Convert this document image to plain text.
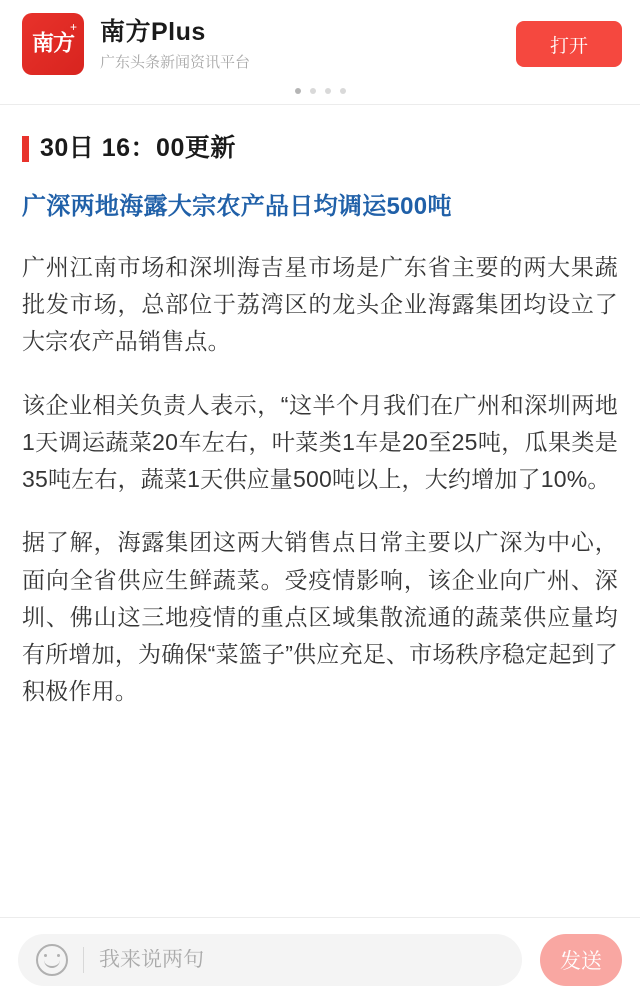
南方
+ 南方Plus
广东头条新闻资讯平台
打开
30日 16：00更新
广深两地海露大宗农产品日均调运500吨

广州江南市场和深圳海吉星市场是广东省主要的两大果蔬批发市场，总部位于荔湾区的龙头企业海露集团均设立了大宗农产品销售点。

该企业相关负责人表示，“这半个月我们在广州和深圳两地1天调运蔬菜20车左右，叶菜类1车是20至25吨，瓜果类是35吨左右，蔬菜1天供应量500吨以上，大约增加了10%。

据了解，海露集团这两大销售点日常主要以广深为中心，面向全省供应生鲜蔬菜。受疫情影响，该企业向广州、深圳、佛山这三地疫情的重点区域集散流通的蔬菜供应量均有所增加，为确保“菜篮子”供应充足、市场秩序稳定起到了积极作用。

我来说两句	发送
